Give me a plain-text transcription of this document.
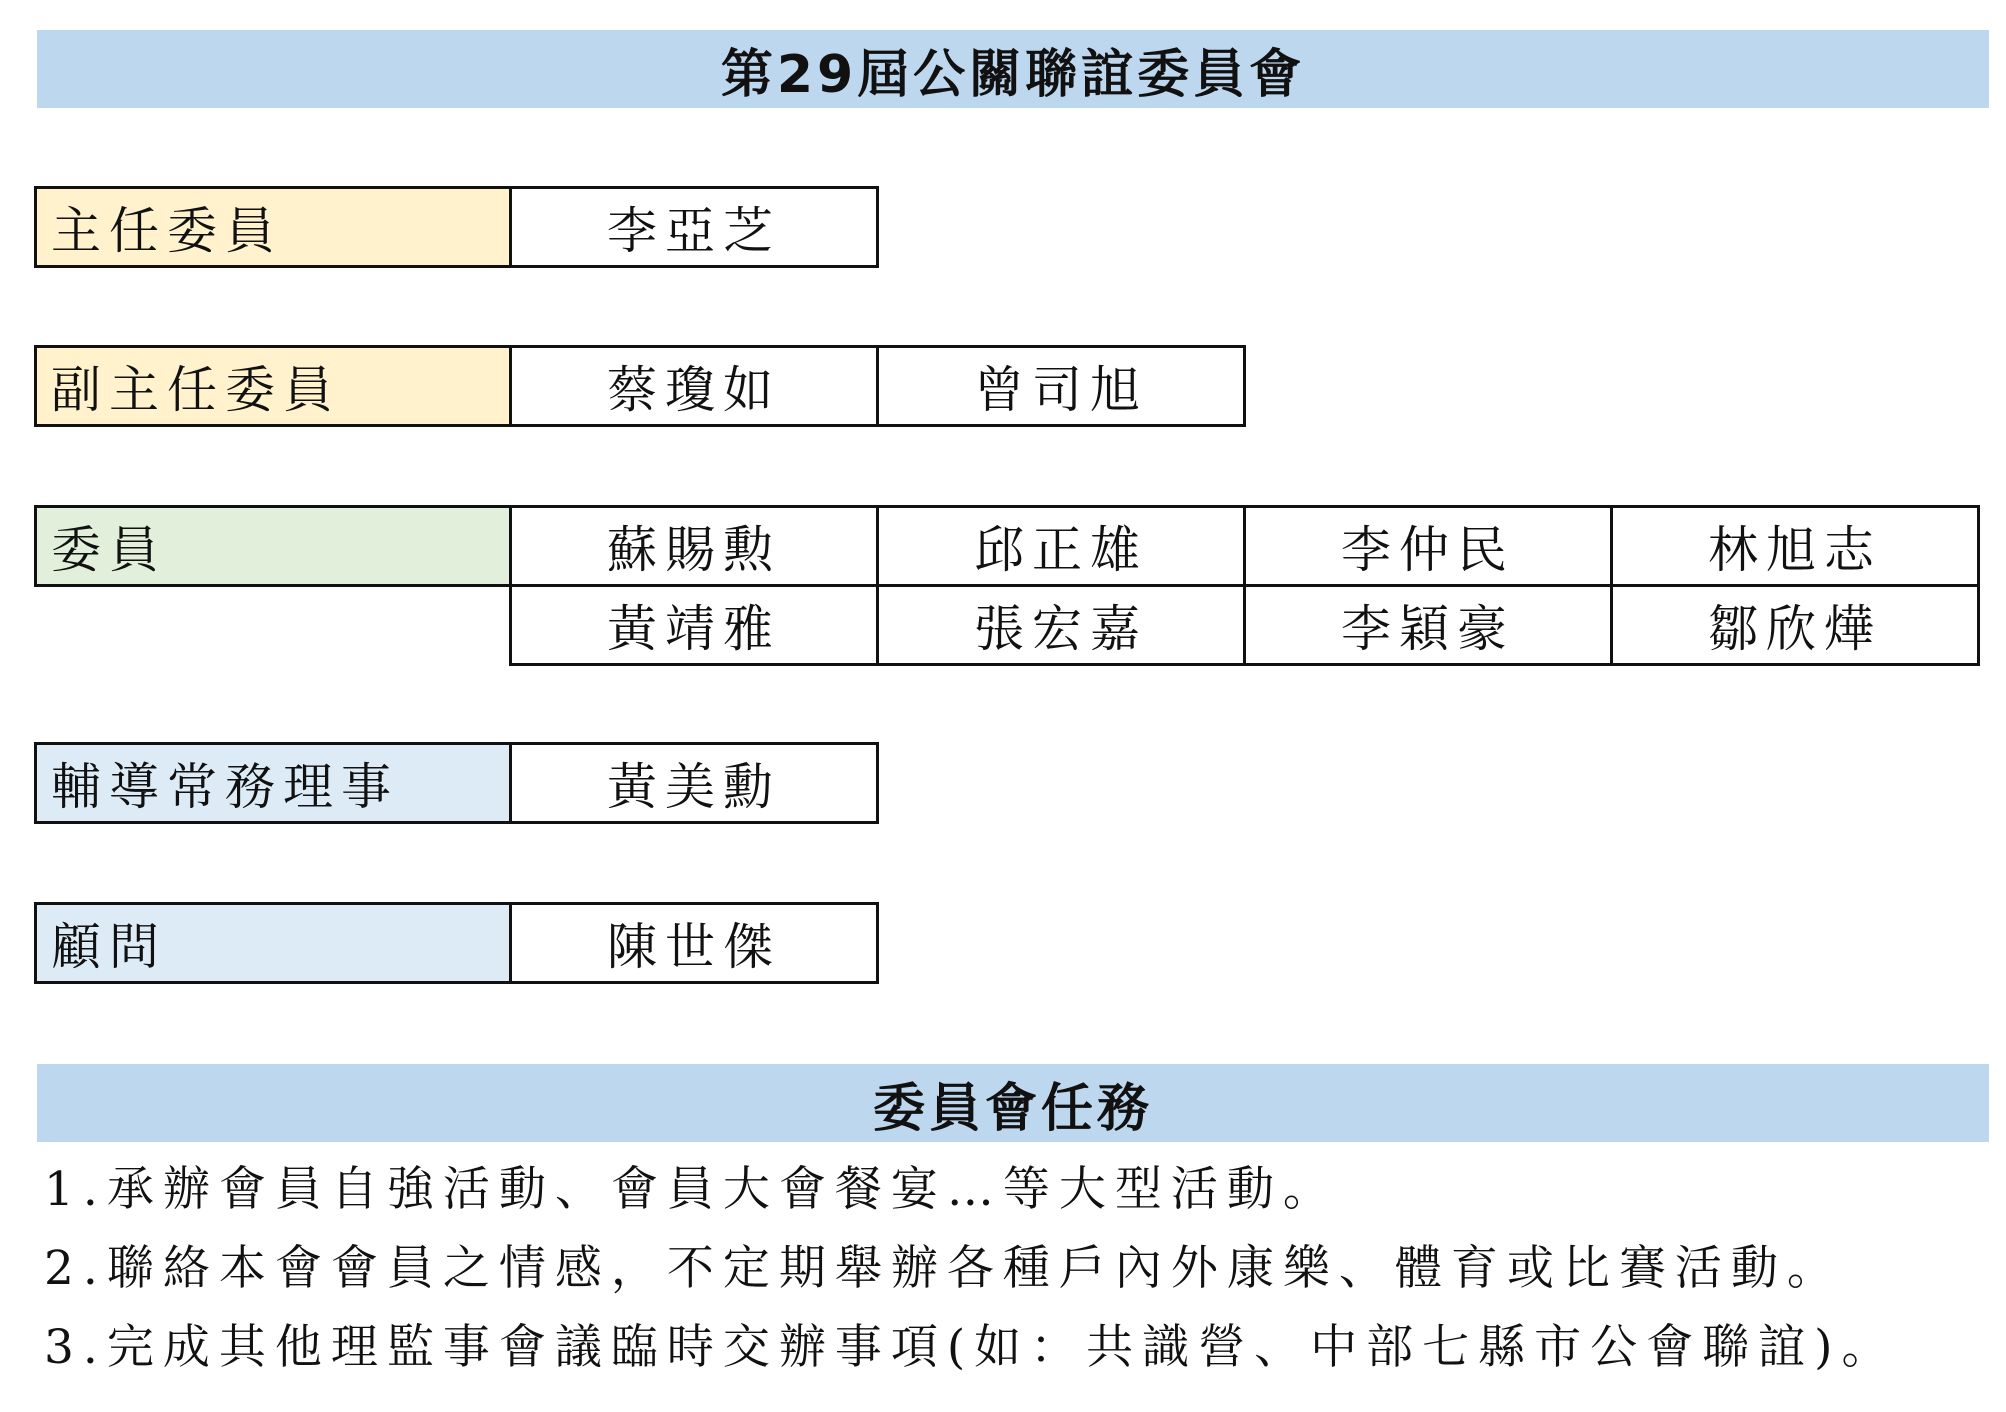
第29屆公關聯誼委員會
主任委員	李亞芝
副主任委員	蔡瓊如	曾司旭
委員	蘇賜勲	邱正雄	李仲民	林旭志
黃靖雅	張宏嘉	李穎豪	鄒欣燁
輔導常務理事	黃美勳
顧問	陳世傑
委員會任務
1.承辦會員自強活動、會員大會餐宴…等大型活動。
2.聯絡本會會員之情感，不定期舉辦各種戶內外康樂、體育或比賽活動。
3.完成其他理監事會議臨時交辦事項(如：共識營、中部七縣市公會聯誼)。
